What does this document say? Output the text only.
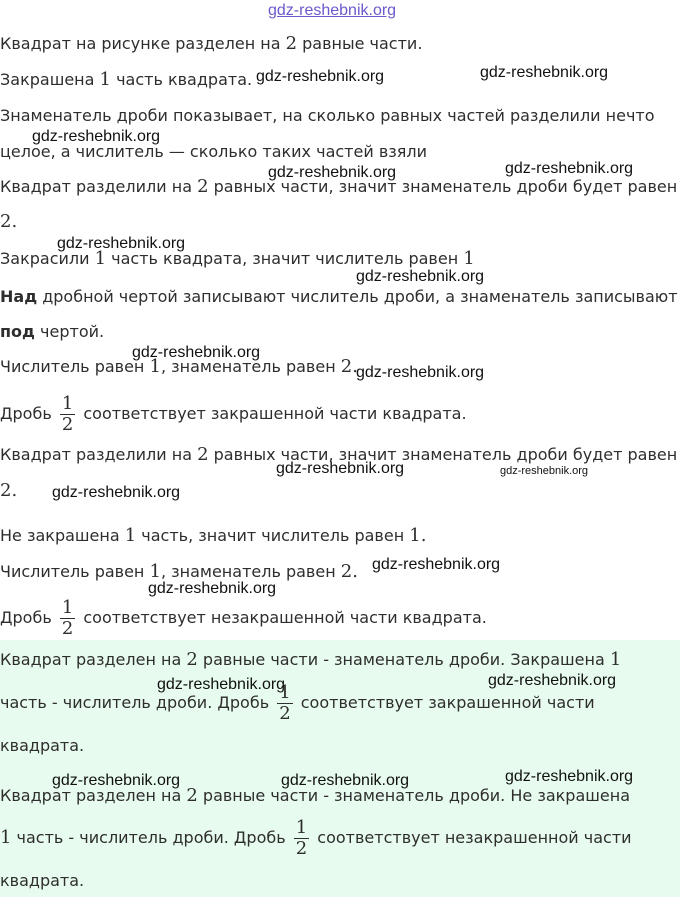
Квадрат на рисунке разделен на 2 равные части.

Закрашена 1 часть квадрата.

Знаменатель дроби показывает, на сколько равных частей разделили нечто

целое, а числитель — сколько таких частей взяли

Квадрат разделили на 2 равных части, значит знаменатель дроби будет равен

2.

Закрасили 1 часть квадрата, значит числитель равен 1

Над дробной чертой записывают числитель дроби, а знаменатель записывают

под чертой.

Числитель равен 1, знаменатель равен 2.

Дробь $\frac{1}{2}$ соответствует закрашенной части квадрата.

Квадрат разделили на 2 равных части, значит знаменатель дроби будет равен

2.

Не закрашена 1 часть, значит числитель равен 1.

Числитель равен 1, знаменатель равен 2.

Дробь $\frac{1}{2}$ соответствует незакрашенной части квадрата.

Квадрат разделен на 2 равные части - знаменатель дроби. Закрашена 1

часть - числитель дроби. Дробь $\frac{1}{2}$ соответствует закрашенной части

квадрата.

Квадрат разделен на 2 равные части - знаменатель дроби. Не закрашена

1 часть - числитель дроби. Дробь $\frac{1}{2}$ соответствует незакрашенной части

квадрата.

gdz-reshebnik.org
gdz-reshebnik.org	gdz-reshebnik.org
gdz-reshebnik.org
gdz-reshebnik.org	gdz-reshebnik.org
gdz-reshebnik.org
gdz-reshebnik.org
gdz-reshebnik.org
gdz-reshebnik.org
gdz-reshebnik.org	gdz-reshebnik.org
gdz-reshebnik.org
gdz-reshebnik.org
gdz-reshebnik.org
gdz-reshebnik.org	gdz-reshebnik.org
gdz-reshebnik.org	gdz-reshebnik.org	gdz-reshebnik.org
